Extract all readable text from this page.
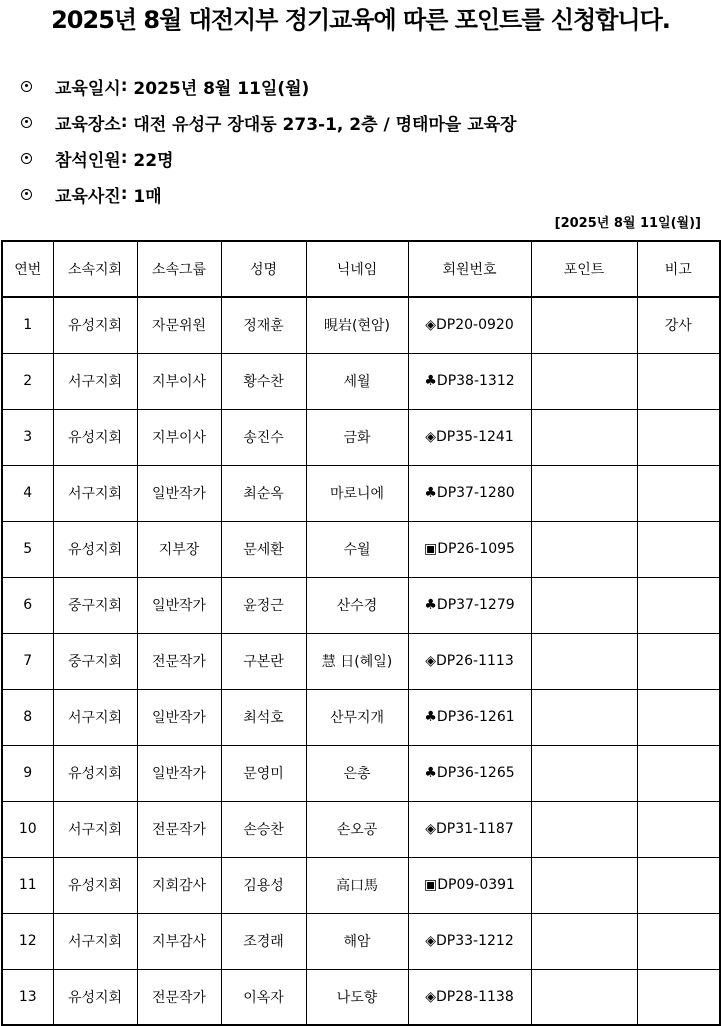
2025년 8월 대전지부 정기교육에 따른 포인트를 신청합니다.
교육일시 : 2025년 8월 11일(월)
교육장소 : 대전 유성구 장대동 273-1, 2층 / 명태마을 교육장
참석인원 : 22명
교육사진 : 1매
[2025년 8월 11일(월)]
연번	소속지회	소속그룹	성명	닉네임	회원번호	포인트	비고
1	유성지회	자문위원	정재훈	晛岩(현암)	◈DP20-0920		강사
2	서구지회	지부이사	황수찬	세월	♣DP38-1312		
3	유성지회	지부이사	송진수	금화	◈DP35-1241		
4	서구지회	일반작가	최순옥	마로니에	♣DP37-1280		
5	유성지회	지부장	문세환	수월	▣DP26-1095		
6	중구지회	일반작가	윤정근	산수경	♣DP37-1279		
7	중구지회	전문작가	구본란	慧 日(혜일)	◈DP26-1113		
8	서구지회	일반작가	최석호	산무지개	♣DP36-1261		
9	유성지회	일반작가	문영미	은총	♣DP36-1265		
10	서구지회	전문작가	손승찬	손오공	◈DP31-1187		
11	유성지회	지회감사	김용성	高口馬	▣DP09-0391		
12	서구지회	지부감사	조경래	해암	◈DP33-1212		
13	유성지회	전문작가	이옥자	나도향	◈DP28-1138		
